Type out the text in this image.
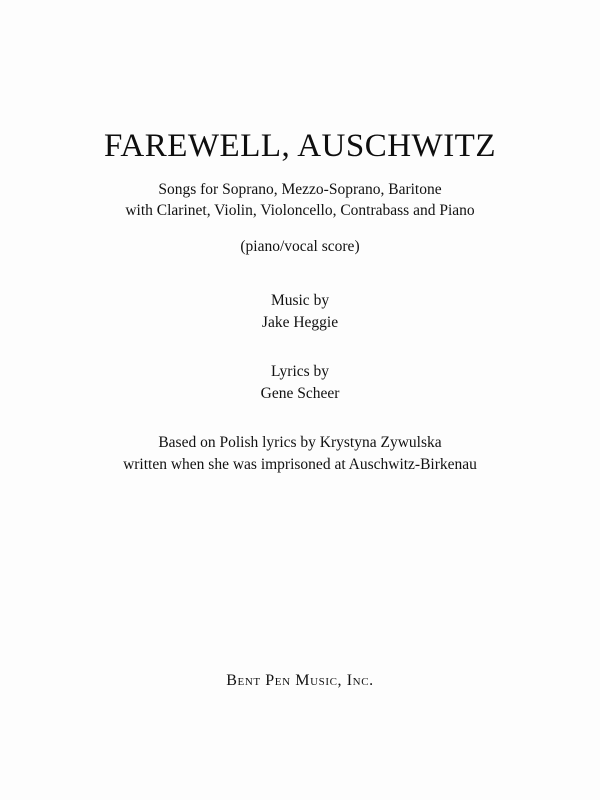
FAREWELL, AUSCHWITZ
Songs for Soprano, Mezzo-Soprano, Baritone
with Clarinet, Violin, Violoncello, Contrabass and Piano
(piano/vocal score)
Music by
Jake Heggie
Lyrics by
Gene Scheer
Based on Polish lyrics by Krystyna Zywulska
written when she was imprisoned at Auschwitz-Birkenau
Bent Pen Music, Inc.
